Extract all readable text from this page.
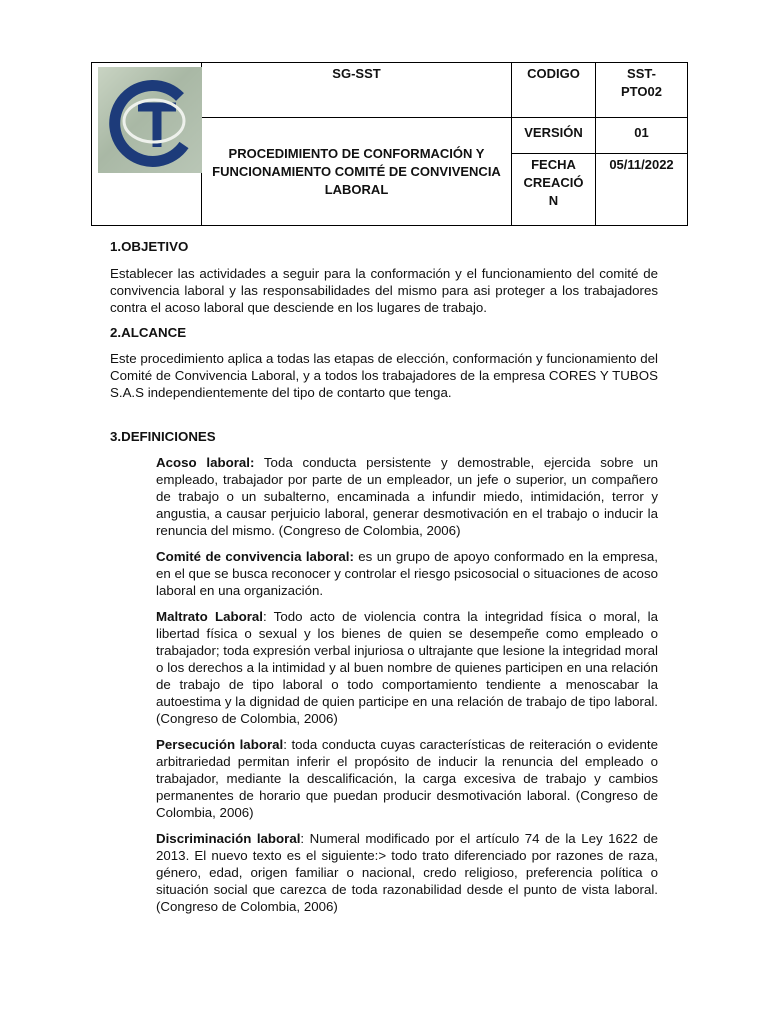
	SG-SST	CODIGO	SST-
PTO02
	PROCEDIMIENTO DE CONFORMACIÓN Y FUNCIONAMIENTO COMITÉ DE CONVIVENCIA LABORAL	VERSIÓN	01
		FECHA
CREACIÓ
N	05/11/2022

1.OBJETIVO

Establecer las actividades a seguir para la conformación y el funcionamiento del comité de convivencia laboral y las responsabilidades del mismo para asi proteger a los trabajadores contra el acoso laboral que desciende en los lugares de trabajo.

2.ALCANCE

Este procedimiento aplica a todas las etapas de elección, conformación y funcionamiento del Comité de Convivencia Laboral, y a todos los trabajadores de la empresa CORES Y TUBOS S.A.S independientemente del tipo de contarto que tenga.

3.DEFINICIONES

Acoso laboral: Toda conducta persistente y demostrable, ejercida sobre un empleado, trabajador por parte de un empleador, un jefe o superior, un compañero de trabajo o un subalterno, encaminada a infundir miedo, intimidación, terror y angustia, a causar perjuicio laboral, generar desmotivación en el trabajo o inducir la renuncia del mismo. (Congreso de Colombia, 2006)
Comité de convivencia laboral: es un grupo de apoyo conformado en la empresa, en el que se busca reconocer y controlar el riesgo psicosocial o situaciones de acoso laboral en una organización.
Maltrato Laboral: Todo acto de violencia contra la integridad física o moral, la libertad física o sexual y los bienes de quien se desempeñe como empleado o trabajador; toda expresión verbal injuriosa o ultrajante que lesione la integridad moral o los derechos a la intimidad y al buen nombre de quienes participen en una relación de trabajo de tipo laboral o todo comportamiento tendiente a menoscabar la autoestima y la dignidad de quien participe en una relación de trabajo de tipo laboral. (Congreso de Colombia, 2006)
Persecución laboral: toda conducta cuyas características de reiteración o evidente arbitrariedad permitan inferir el propósito de inducir la renuncia del empleado o trabajador, mediante la descalificación, la carga excesiva de trabajo y cambios permanentes de horario que puedan producir desmotivación laboral. (Congreso de Colombia, 2006)
Discriminación laboral: Numeral modificado por el artículo 74 de la Ley 1622 de 2013. El nuevo texto es el siguiente:> todo trato diferenciado por razones de raza, género, edad, origen familiar o nacional, credo religioso, preferencia política o situación social que carezca de toda razonabilidad desde el punto de vista laboral. (Congreso de Colombia, 2006)
